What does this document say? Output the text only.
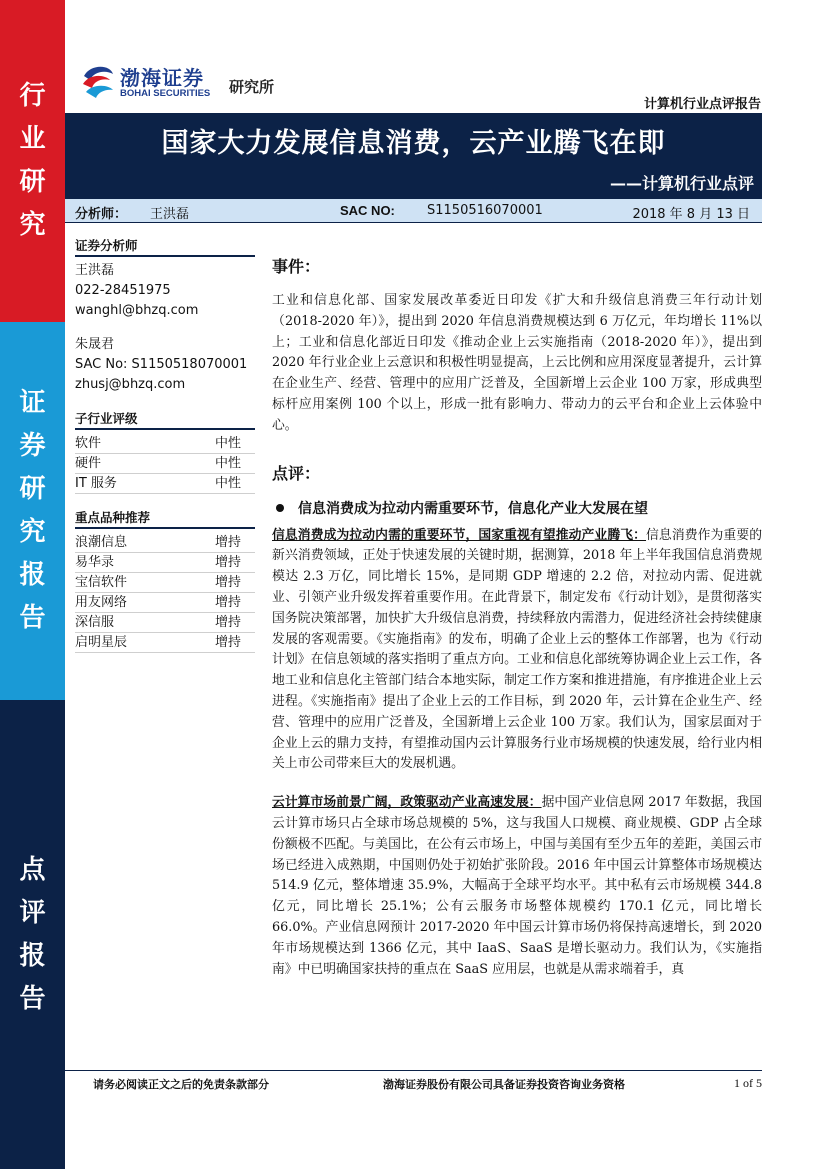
行
业
研
究
证
券
研
究
报
告
点
评
报
告
渤海证券
BOHAI SECURITIES 研究所
计算机行业点评报告
国家大力发展信息消费，云产业腾飞在即
——计算机行业点评
分析师： 王洪磊	SAC NO: S1150516070001	2018 年 8 月 13 日
证券分析师
王洪磊
022-28451975
wanghl@bhzq.com
朱晟君
SAC No: S1150518070001
zhusj@bhzq.com
子行业评级
软件	中性
硬件	中性
IT 服务	中性
重点品种推荐
浪潮信息	增持
易华录	增持
宝信软件	增持
用友网络	增持
深信服	增持
启明星辰	增持
事件：

工业和信息化部、国家发展改革委近日印发《扩大和升级信息消费三年行动计划（2018-2020 年）》，提出到 2020 年信息消费规模达到 6 万亿元，年均增长 11%以上；工业和信息化部近日印发《推动企业上云实施指南（2018-2020 年）》，提出到 2020 年行业企业上云意识和积极性明显提高，上云比例和应用深度显著提升，云计算在企业生产、经营、管理中的应用广泛普及，全国新增上云企业 100 万家，形成典型标杆应用案例 100 个以上，形成一批有影响力、带动力的云平台和企业上云体验中心。

点评：
信息消费成为拉动内需重要环节，信息化产业大发展在望

信息消费成为拉动内需的重要环节，国家重视有望推动产业腾飞：信息消费作为重要的新兴消费领域，正处于快速发展的关键时期，据测算，2018 年上半年我国信息消费规模达 2.3 万亿，同比增长 15%，是同期 GDP 增速的 2.2 倍，对拉动内需、促进就业、引领产业升级发挥着重要作用。在此背景下，制定发布《行动计划》，是贯彻落实国务院决策部署，加快扩大升级信息消费，持续释放内需潜力，促进经济社会持续健康发展的客观需要。《实施指南》的发布，明确了企业上云的整体工作部署，也为《行动计划》在信息领域的落实指明了重点方向。工业和信息化部统筹协调企业上云工作，各地工业和信息化主管部门结合本地实际，制定工作方案和推进措施，有序推进企业上云进程。《实施指南》提出了企业上云的工作目标，到 2020 年，云计算在企业生产、经营、管理中的应用广泛普及，全国新增上云企业 100 万家。我们认为，国家层面对于企业上云的鼎力支持，有望推动国内云计算服务行业市场规模的快速发展，给行业内相关上市公司带来巨大的发展机遇。

云计算市场前景广阔，政策驱动产业高速发展：据中国产业信息网 2017 年数据，我国云计算市场只占全球市场总规模的 5%，这与我国人口规模、商业规模、GDP 占全球份额极不匹配。与美国比，在公有云市场上，中国与美国有至少五年的差距，美国云市场已经进入成熟期，中国则仍处于初始扩张阶段。2016 年中国云计算整体市场规模达 514.9 亿元，整体增速 35.9%，大幅高于全球平均水平。其中私有云市场规模 344.8 亿元，同比增长 25.1%；公有云服务市场整体规模约 170.1 亿元，同比增长 66.0%。产业信息网预计 2017-2020 年中国云计算市场仍将保持高速增长，到 2020 年市场规模达到 1366 亿元，其中 IaaS、SaaS 是增长驱动力。我们认为，《实施指南》中已明确国家扶持的重点在 SaaS 应用层，也就是从需求端着手，真

请务必阅读正文之后的免责条款部分	渤海证券股份有限公司具备证券投资咨询业务资格	1 of 5
